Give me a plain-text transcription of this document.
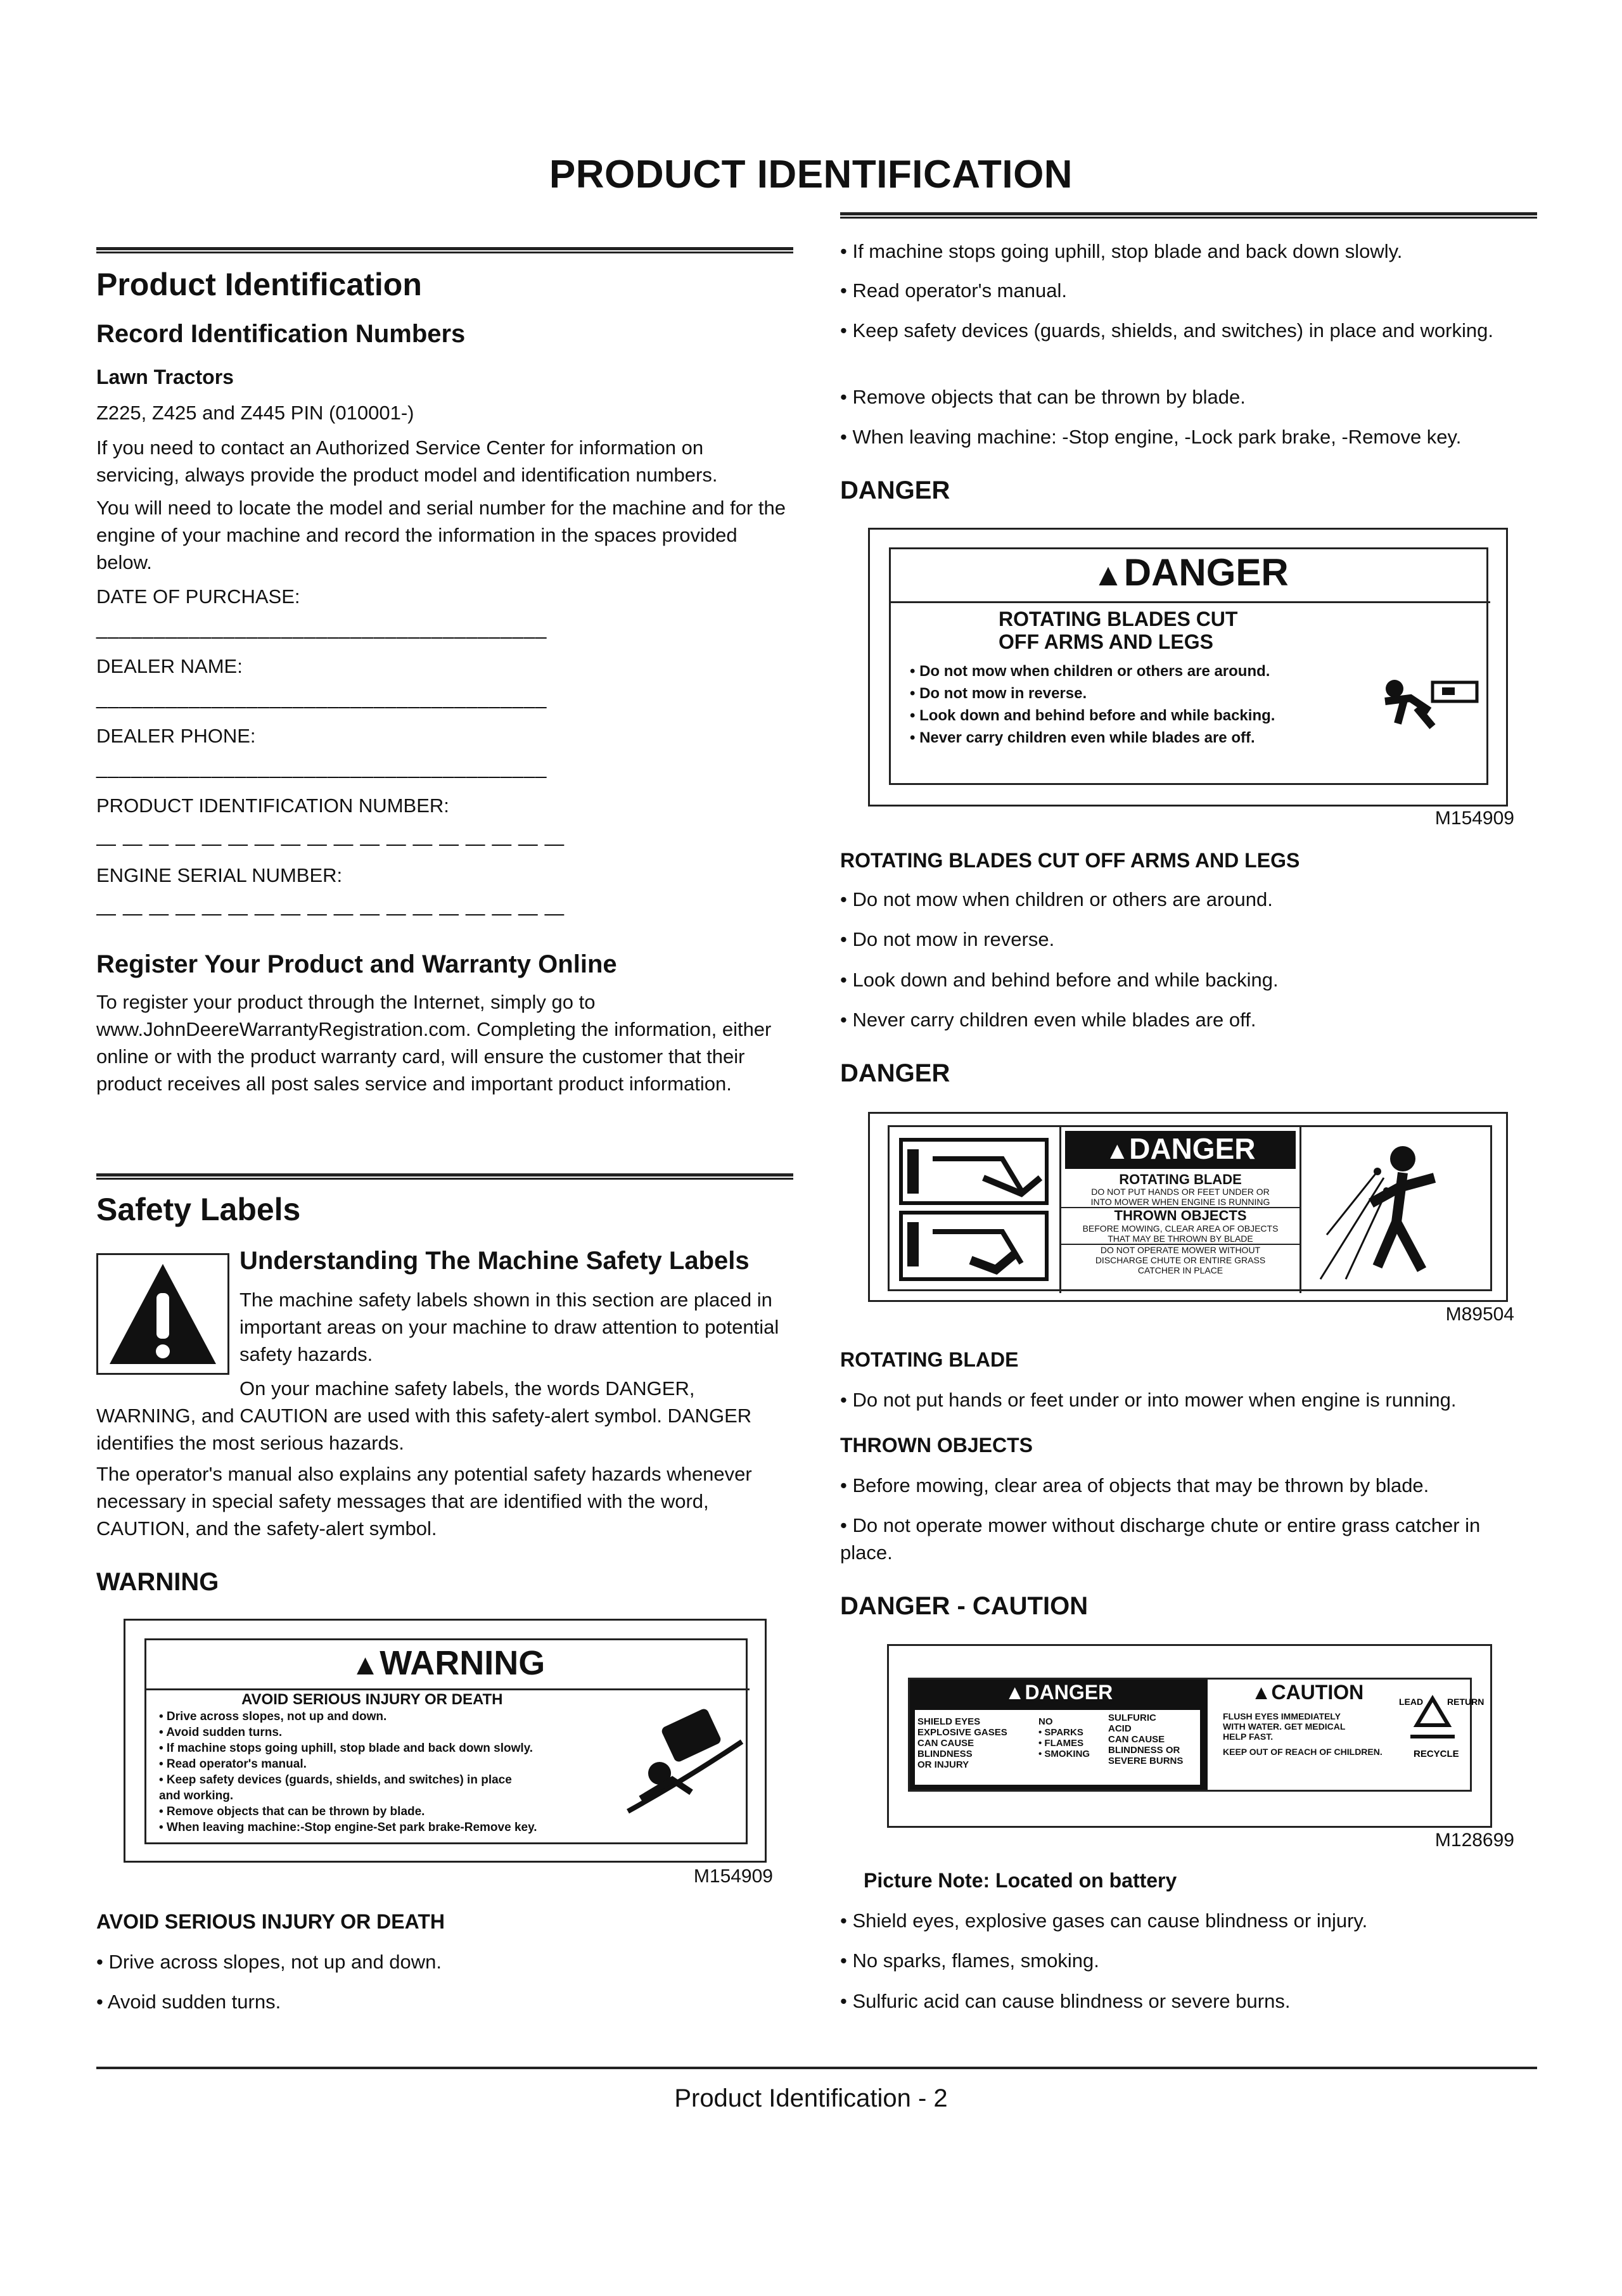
PRODUCT IDENTIFICATION
Product Identification
Record Identification Numbers
Lawn Tractors
Z225, Z425 and Z445 PIN (010001-)
If you need to contact an Authorized Service Center for information on servicing, always provide the product model and identification numbers.
You will need to locate the model and serial number for the machine and for the engine of your machine and record the information in the spaces provided below.
DATE OF PURCHASE:
_______________________________________
DEALER NAME:
_______________________________________
DEALER PHONE:
_______________________________________
PRODUCT IDENTIFICATION NUMBER:
— — — — — — — — — — — — — — — — — —
ENGINE SERIAL NUMBER:
— — — — — — — — — — — — — — — — — —
Register Your Product and Warranty Online
To register your product through the Internet, simply go to www.JohnDeereWarrantyRegistration.com. Completing the information, either online or with the product warranty card, will ensure the customer that their product receives all post sales service and important product information.
Safety Labels
Understanding The Machine Safety Labels
The machine safety labels shown in this section are placed in important areas on your machine to draw attention to potential safety hazards.
On your machine safety labels, the words DANGER, WARNING, and CAUTION are used with this safety-alert symbol. DANGER identifies the most serious hazards.
The operator's manual also explains any potential safety hazards whenever necessary in special safety messages that are identified with the word, CAUTION, and the safety-alert symbol.
WARNING
▲WARNING
AVOID SERIOUS INJURY OR DEATH
• Drive across slopes, not up and down.
• Avoid sudden turns.
• If machine stops going uphill, stop blade and back down slowly.
• Read operator's manual.
• Keep safety devices (guards, shields, and switches) in place
and working.
• Remove objects that can be thrown by blade.
• When leaving machine:-Stop engine-Set park brake-Remove key.
M154909
AVOID SERIOUS INJURY OR DEATH
• Drive across slopes, not up and down.
• Avoid sudden turns.
• If machine stops going uphill, stop blade and back down slowly.
• Read operator's manual.
• Keep safety devices (guards, shields, and switches) in place and working.
• Remove objects that can be thrown by blade.
• When leaving machine: -Stop engine, -Lock park brake, -Remove key.
DANGER
▲DANGER
ROTATING BLADES CUT
OFF ARMS AND LEGS
• Do not mow when children or others are around.
• Do not mow in reverse.
• Look down and behind before and while backing.
• Never carry children even while blades are off.
M154909
ROTATING BLADES CUT OFF ARMS AND LEGS
• Do not mow when children or others are around.
• Do not mow in reverse.
• Look down and behind before and while backing.
• Never carry children even while blades are off.
DANGER
▲DANGER
ROTATING BLADE
DO NOT PUT HANDS OR FEET UNDER OR
INTO MOWER WHEN ENGINE IS RUNNING
THROWN OBJECTS
BEFORE MOWING, CLEAR AREA OF OBJECTS
THAT MAY BE THROWN BY BLADE
DO NOT OPERATE MOWER WITHOUT
DISCHARGE CHUTE OR ENTIRE GRASS
CATCHER IN PLACE
M89504
ROTATING BLADE
• Do not put hands or feet under or into mower when engine is running.
THROWN OBJECTS
• Before mowing, clear area of objects that may be thrown by blade.
• Do not operate mower without discharge chute or entire grass catcher in place.
DANGER - CAUTION
▲DANGER
SHIELD EYES
EXPLOSIVE GASES
CAN CAUSE BLINDNESS
OR INJURY
NO
• SPARKS
• FLAMES
• SMOKING
SULFURIC
ACID
CAN CAUSE
BLINDNESS OR
SEVERE BURNS
▲CAUTION
FLUSH EYES IMMEDIATELY
WITH WATER. GET MEDICAL
HELP FAST.
KEEP OUT OF REACH OF CHILDREN.
LEAD	RETURN
RECYCLE
M128699
Picture Note: Located on battery
• Shield eyes, explosive gases can cause blindness or injury.
• No sparks, flames, smoking.
• Sulfuric acid can cause blindness or severe burns.
Product Identification - 2
